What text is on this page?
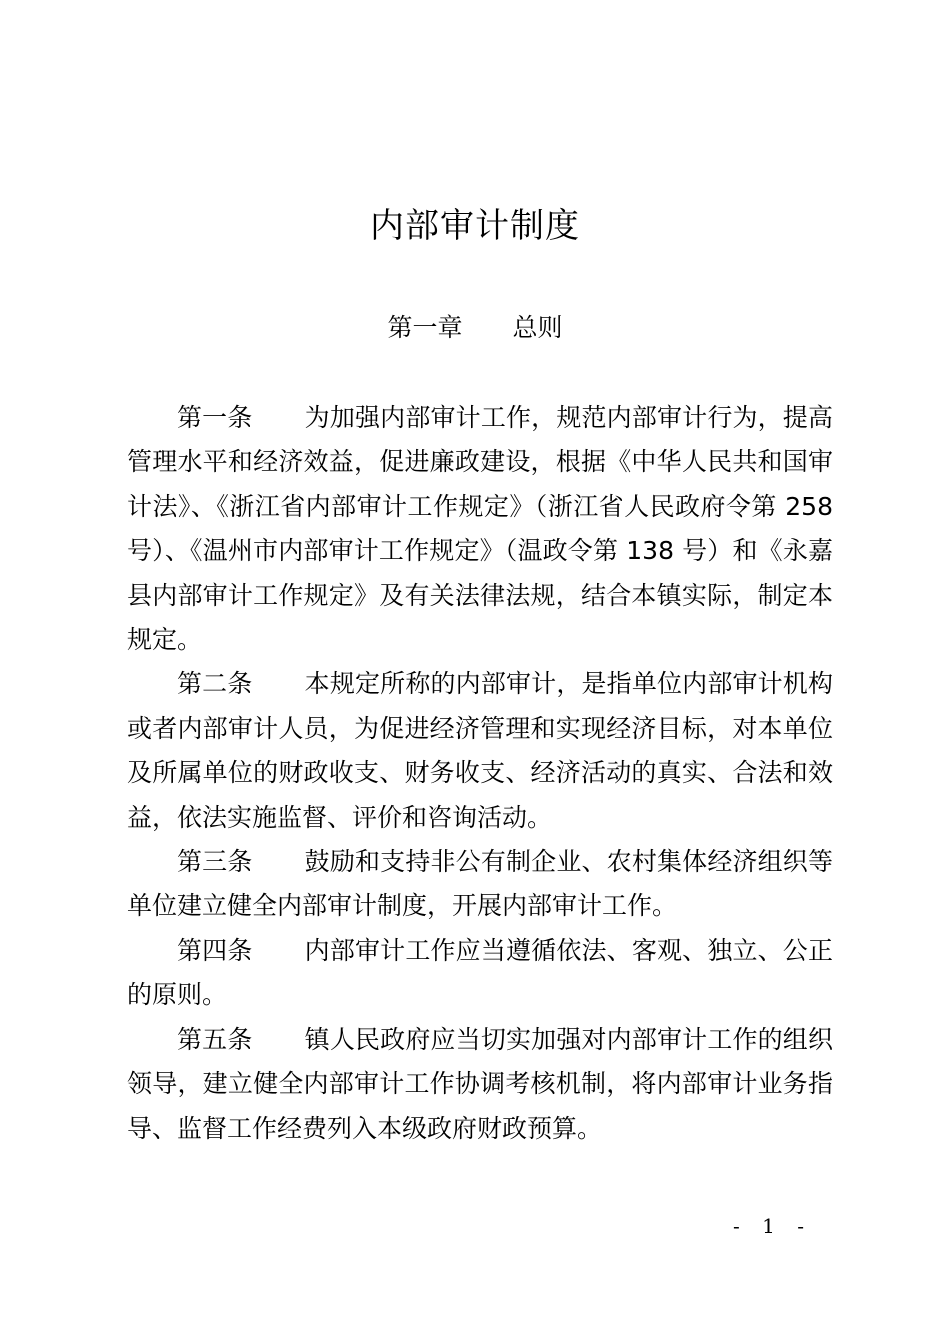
内部审计制度
第一章 总则

第一条 为加强内部审计工作，规范内部审计行为，提高管理水平和经济效益，促进廉政建设，根据《中华人民共和国审计法》、《浙江省内部审计工作规定》（浙江省人民政府令第 258 号）、《温州市内部审计工作规定》（温政令第 138 号）和《永嘉县内部审计工作规定》及有关法律法规，结合本镇实际，制定本规定。

第二条 本规定所称的内部审计，是指单位内部审计机构或者内部审计人员，为促进经济管理和实现经济目标，对本单位及所属单位的财政收支、财务收支、经济活动的真实、合法和效益，依法实施监督、评价和咨询活动。

第三条 鼓励和支持非公有制企业、农村集体经济组织等单位建立健全内部审计制度，开展内部审计工作。

第四条 内部审计工作应当遵循依法、客观、独立、公正的原则。

第五条 镇人民政府应当切实加强对内部审计工作的组织领导，建立健全内部审计工作协调考核机制，将内部审计业务指导、监督工作经费列入本级政府财政预算。

- 1 -
